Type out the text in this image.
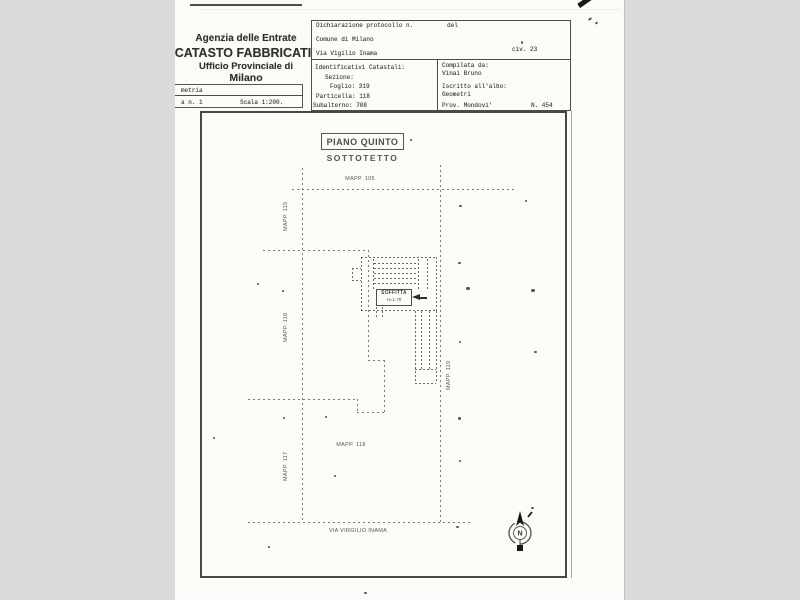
Agenzia delle Entrate
CATASTO FABBRICATI
Ufficio Provinciale di
Milano
metria
a n. 1	Scala 1:200.
Dichiarazione protocollo n.	del
Comune di Milano
Via Vigilio Inama
civ. 23
Identificativi Catastali:
Sezione:
Foglio: 319
Particella: 118
Subalterno: 708
Compilata da:
Vinai Bruno
Iscritto all'albo:
Geometri
Prov. Mondovi'	N. 454
PIANO QUINTO
SOTTOTETTO
SOFFITTA
H=1.70
MAPP. 105
MAPP. 115
MAPP. 118
MAPP. 117
MAPP. 119
MAPP. 118
VIA VIRGILIO INAMA	N
